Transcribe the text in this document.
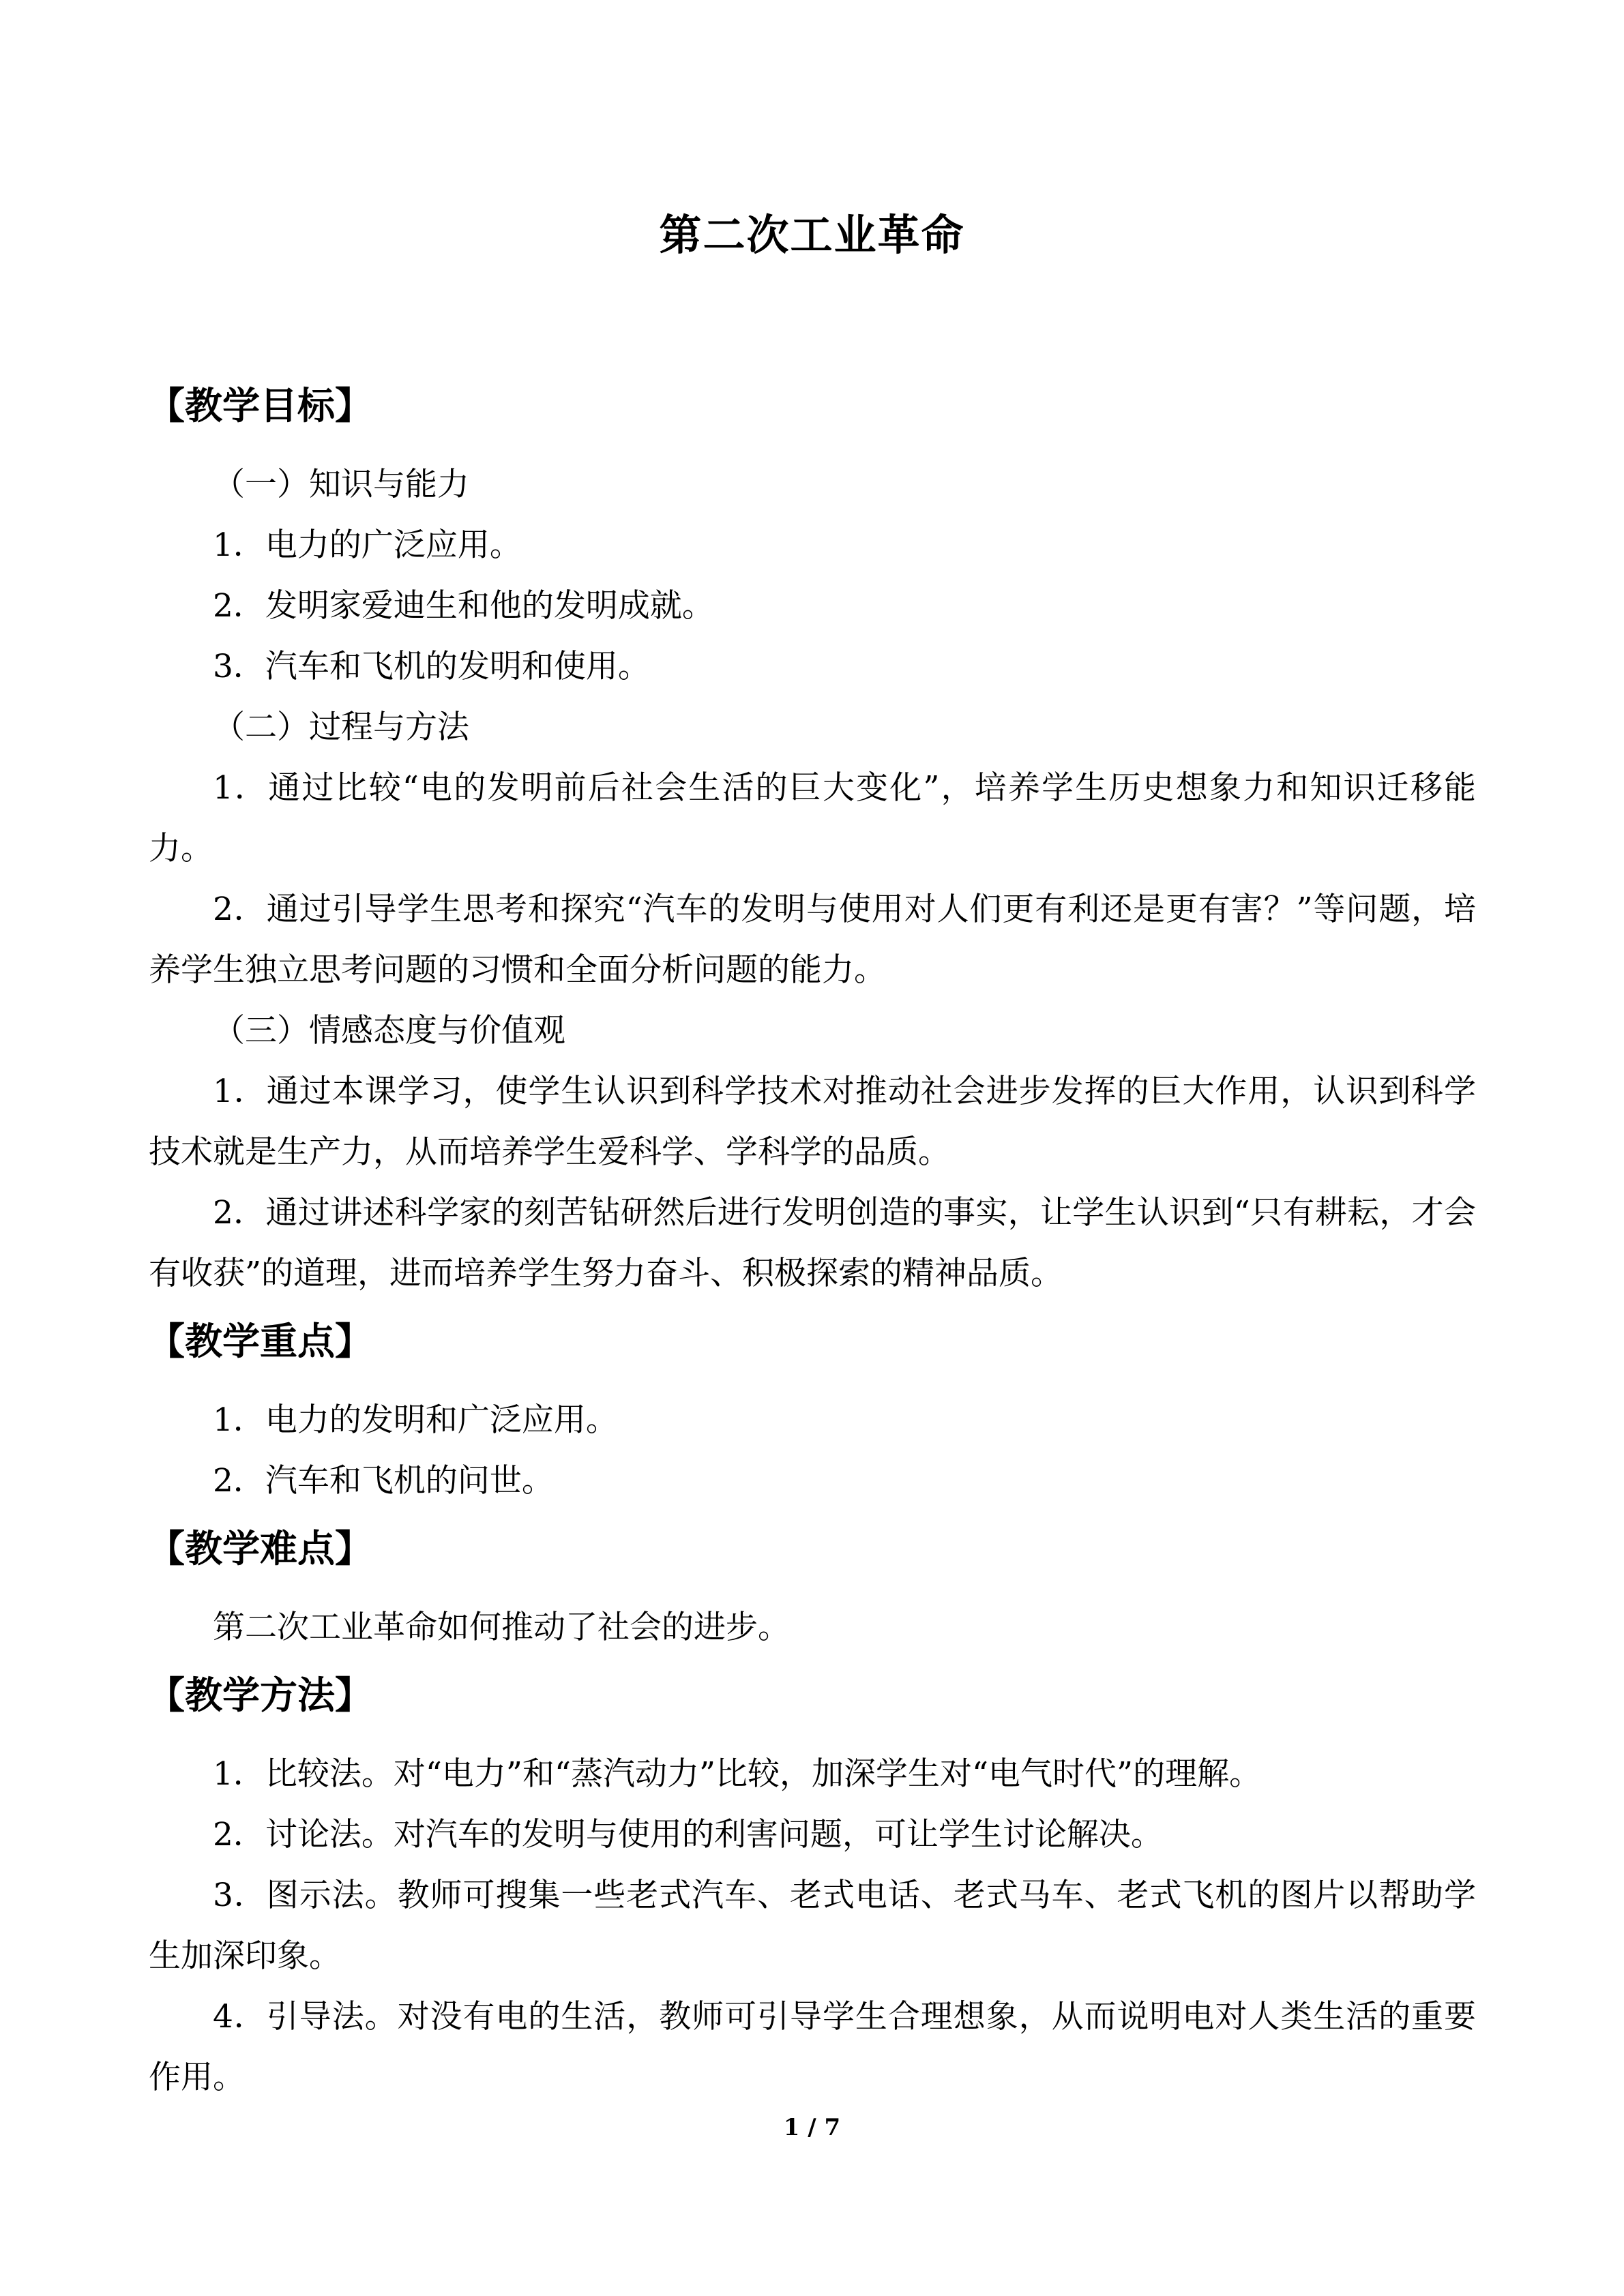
第二次工业革命
【教学目标】

（一）知识与能力

1．电力的广泛应用。

2．发明家爱迪生和他的发明成就。

3．汽车和飞机的发明和使用。

（二）过程与方法

1．通过比较“电的发明前后社会生活的巨大变化”，培养学生历史想象力和知识迁移能力。

2．通过引导学生思考和探究“汽车的发明与使用对人们更有利还是更有害？”等问题，培养学生独立思考问题的习惯和全面分析问题的能力。

（三）情感态度与价值观

1．通过本课学习，使学生认识到科学技术对推动社会进步发挥的巨大作用，认识到科学技术就是生产力，从而培养学生爱科学、学科学的品质。

2．通过讲述科学家的刻苦钻研然后进行发明创造的事实，让学生认识到“只有耕耘，才会有收获”的道理，进而培养学生努力奋斗、积极探索的精神品质。

【教学重点】

1．电力的发明和广泛应用。

2．汽车和飞机的问世。

【教学难点】

第二次工业革命如何推动了社会的进步。

【教学方法】

1．比较法。对“电力”和“蒸汽动力”比较，加深学生对“电气时代”的理解。

2．讨论法。对汽车的发明与使用的利害问题，可让学生讨论解决。

3．图示法。教师可搜集一些老式汽车、老式电话、老式马车、老式飞机的图片以帮助学生加深印象。

4．引导法。对没有电的生活，教师可引导学生合理想象，从而说明电对人类生活的重要作用。

1 / 7
